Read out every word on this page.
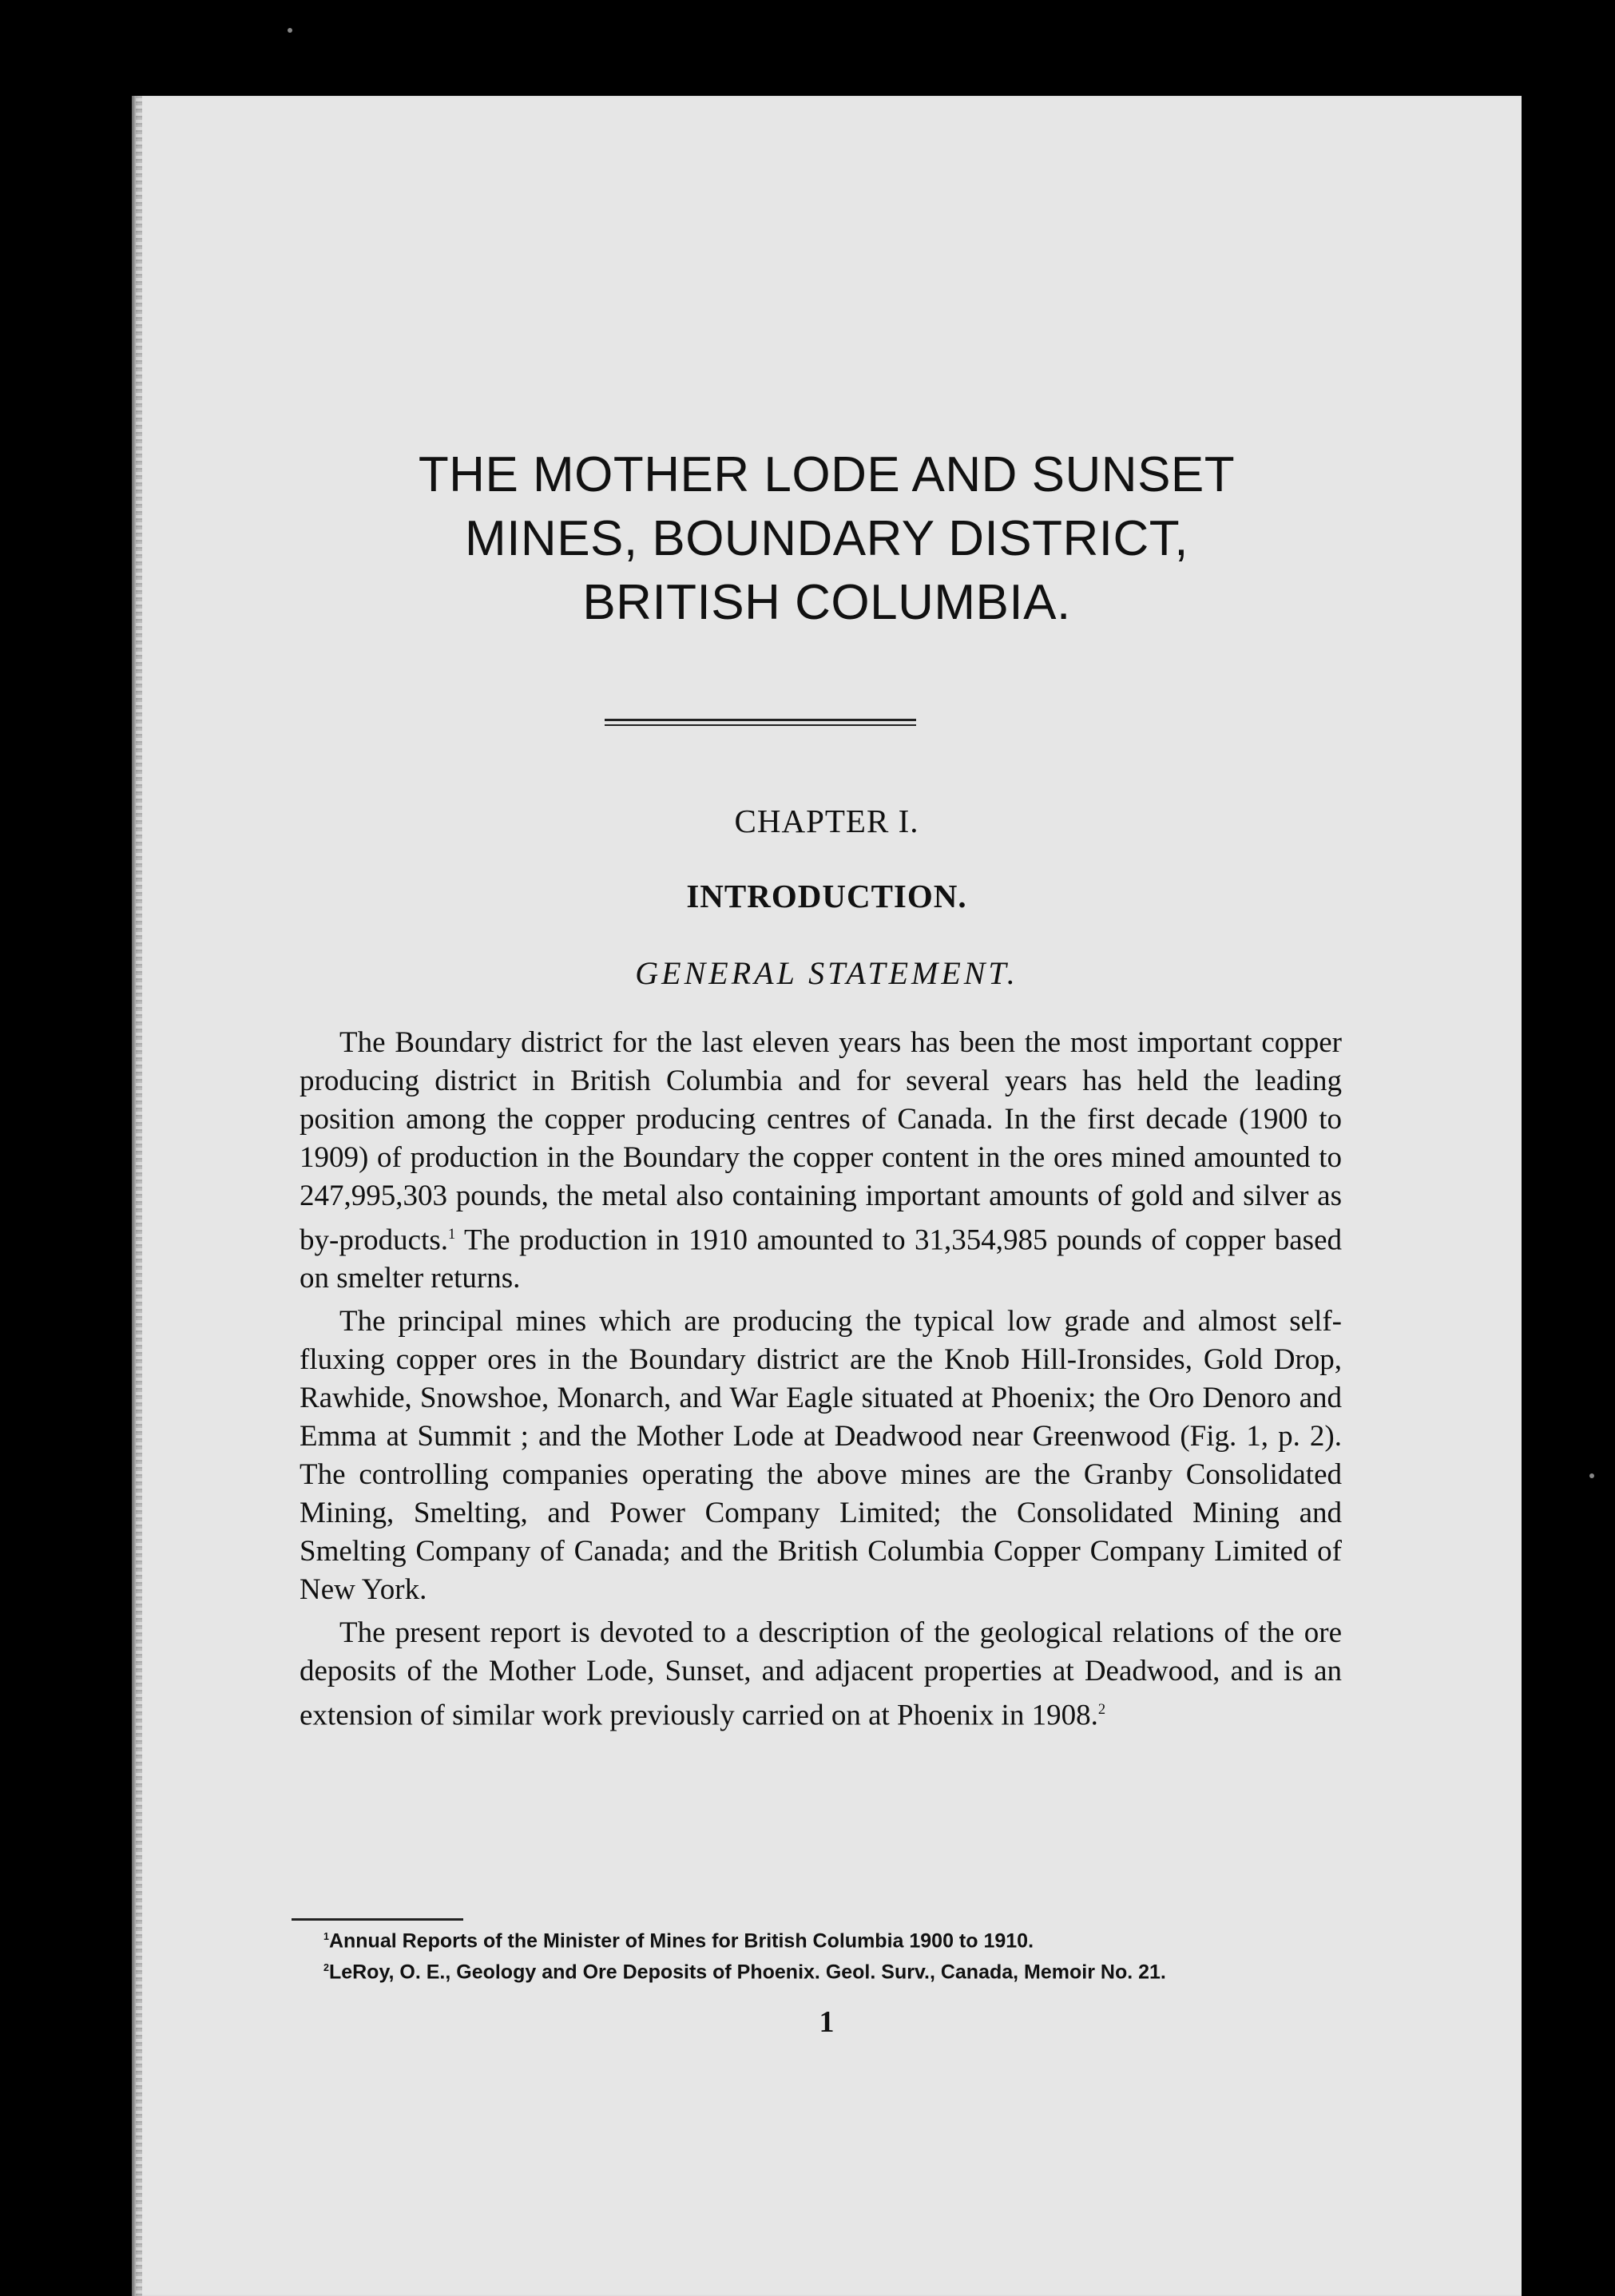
THE MOTHER LODE AND SUNSET
MINES, BOUNDARY DISTRICT,
BRITISH COLUMBIA.
CHAPTER I.
INTRODUCTION.
GENERAL STATEMENT.

The Boundary district for the last eleven years has been the most important copper producing district in British Columbia and for several years has held the leading position among the copper producing centres of Canada. In the first decade (1900 to 1909) of production in the Boundary the copper content in the ores mined amounted to 247,995,303 pounds, the metal also containing important amounts of gold and silver as by-products.$^1$ The production in 1910 amounted to 31,354,985 pounds of copper based on smelter returns.

The principal mines which are producing the typical low grade and almost self-fluxing copper ores in the Boundary district are the Knob Hill-Ironsides, Gold Drop, Rawhide, Snowshoe, Monarch, and War Eagle situated at Phoenix; the Oro Denoro and Emma at Summit ; and the Mother Lode at Deadwood near Greenwood (Fig. 1, p. 2). The controlling companies operating the above mines are the Granby Consolidated Mining, Smelting, and Power Company Limited; the Consolidated Mining and Smelting Company of Canada; and the British Columbia Copper Company Limited of New York.

The present report is devoted to a description of the geological relations of the ore deposits of the Mother Lode, Sunset, and adjacent properties at Deadwood, and is an extension of similar work previously carried on at Phoenix in 1908.$^2$

$^1$Annual Reports of the Minister of Mines for British Columbia 1900 to 1910.

$^2$LeRoy, O. E., Geology and Ore Deposits of Phoenix. Geol. Surv., Canada, Memoir No. 21.

1
